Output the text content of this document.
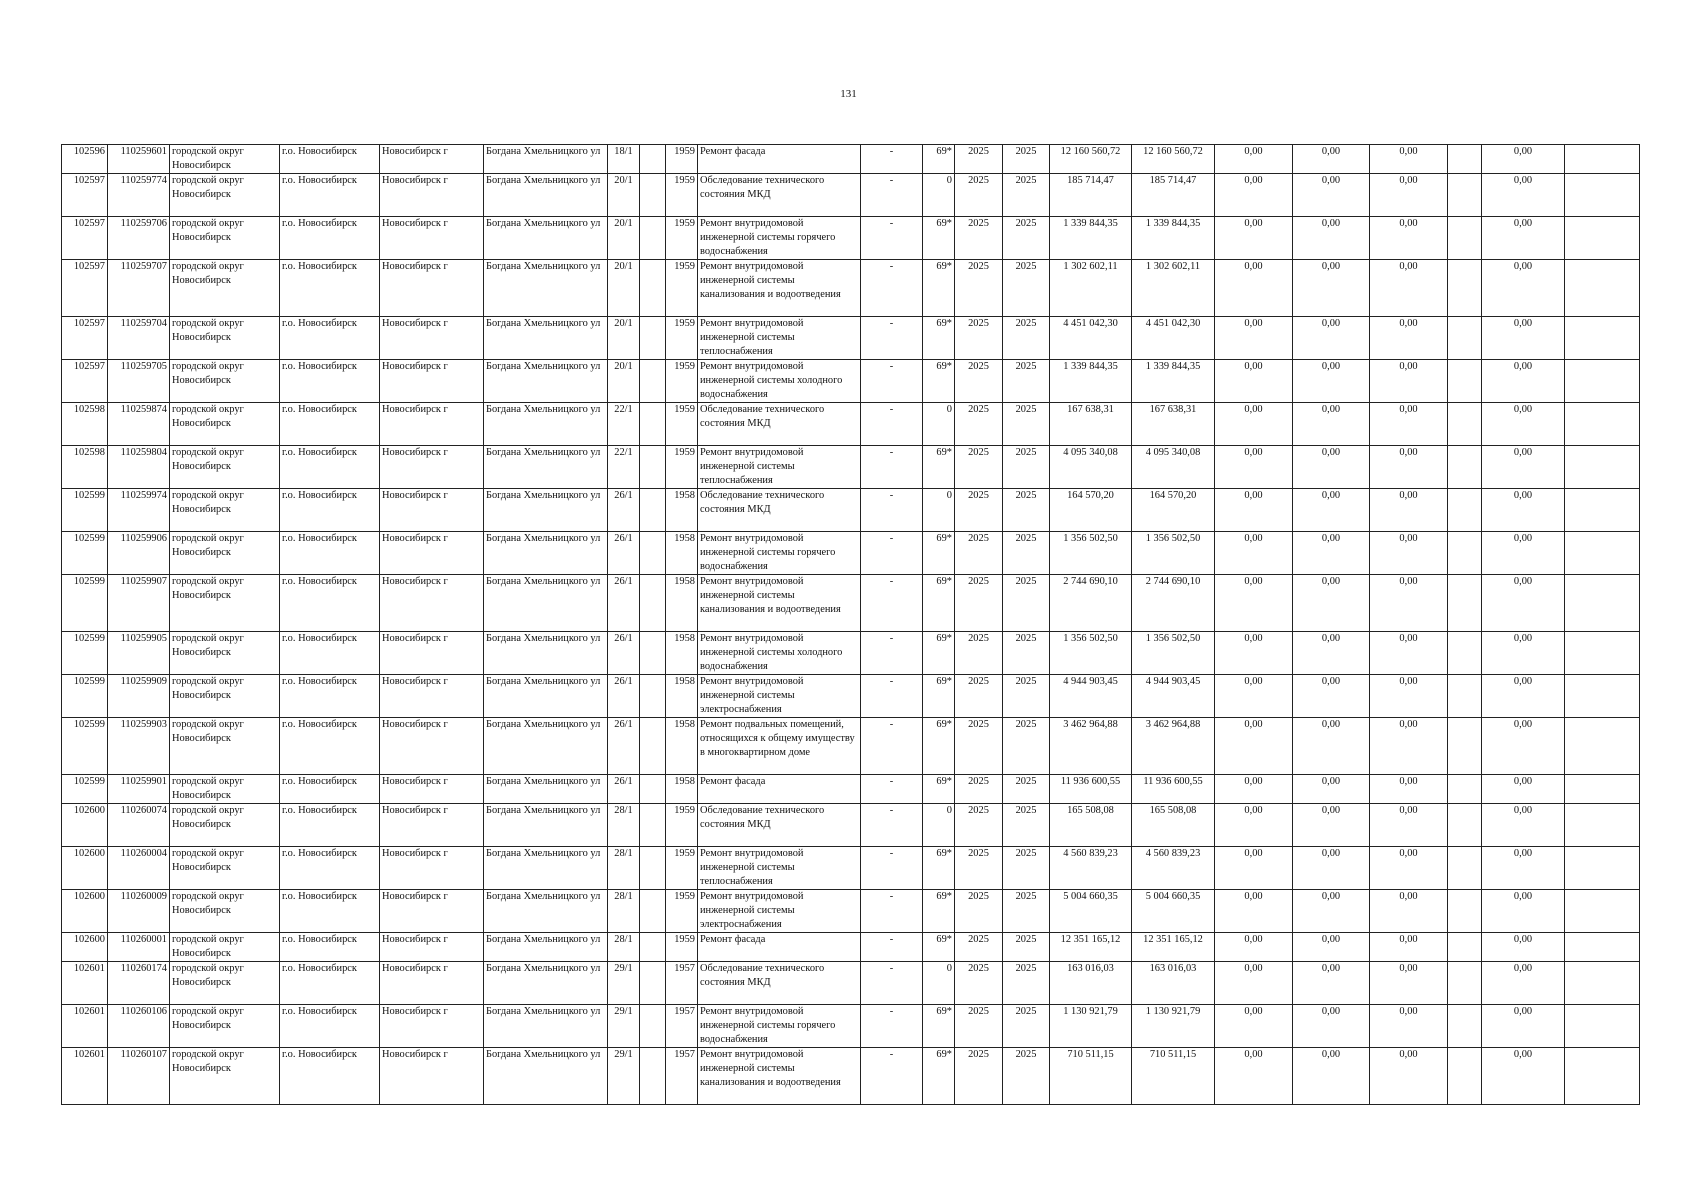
131
102596	110259601	городской округ Новосибирск	г.о. Новосибирск	Новосибирск г	Богдана Хмельницкого ул	18/1		1959	Ремонт фасада	-	69*	2025	2025	12 160 560,72	12 160 560,72	0,00	0,00	0,00		0,00	
102597	110259774	городской округ Новосибирск	г.о. Новосибирск	Новосибирск г	Богдана Хмельницкого ул	20/1		1959	Обследование технического состояния МКД	-	0	2025	2025	185 714,47	185 714,47	0,00	0,00	0,00		0,00	
102597	110259706	городской округ Новосибирск	г.о. Новосибирск	Новосибирск г	Богдана Хмельницкого ул	20/1		1959	Ремонт внутридомовой инженерной системы горячего водоснабжения	-	69*	2025	2025	1 339 844,35	1 339 844,35	0,00	0,00	0,00		0,00	
102597	110259707	городской округ Новосибирск	г.о. Новосибирск	Новосибирск г	Богдана Хмельницкого ул	20/1		1959	Ремонт внутридомовой инженерной системы канализования и водоотведения	-	69*	2025	2025	1 302 602,11	1 302 602,11	0,00	0,00	0,00		0,00	
102597	110259704	городской округ Новосибирск	г.о. Новосибирск	Новосибирск г	Богдана Хмельницкого ул	20/1		1959	Ремонт внутридомовой инженерной системы теплоснабжения	-	69*	2025	2025	4 451 042,30	4 451 042,30	0,00	0,00	0,00		0,00	
102597	110259705	городской округ Новосибирск	г.о. Новосибирск	Новосибирск г	Богдана Хмельницкого ул	20/1		1959	Ремонт внутридомовой инженерной системы холодного водоснабжения	-	69*	2025	2025	1 339 844,35	1 339 844,35	0,00	0,00	0,00		0,00	
102598	110259874	городской округ Новосибирск	г.о. Новосибирск	Новосибирск г	Богдана Хмельницкого ул	22/1		1959	Обследование технического состояния МКД	-	0	2025	2025	167 638,31	167 638,31	0,00	0,00	0,00		0,00	
102598	110259804	городской округ Новосибирск	г.о. Новосибирск	Новосибирск г	Богдана Хмельницкого ул	22/1		1959	Ремонт внутридомовой инженерной системы теплоснабжения	-	69*	2025	2025	4 095 340,08	4 095 340,08	0,00	0,00	0,00		0,00	
102599	110259974	городской округ Новосибирск	г.о. Новосибирск	Новосибирск г	Богдана Хмельницкого ул	26/1		1958	Обследование технического состояния МКД	-	0	2025	2025	164 570,20	164 570,20	0,00	0,00	0,00		0,00	
102599	110259906	городской округ Новосибирск	г.о. Новосибирск	Новосибирск г	Богдана Хмельницкого ул	26/1		1958	Ремонт внутридомовой инженерной системы горячего водоснабжения	-	69*	2025	2025	1 356 502,50	1 356 502,50	0,00	0,00	0,00		0,00	
102599	110259907	городской округ Новосибирск	г.о. Новосибирск	Новосибирск г	Богдана Хмельницкого ул	26/1		1958	Ремонт внутридомовой инженерной системы канализования и водоотведения	-	69*	2025	2025	2 744 690,10	2 744 690,10	0,00	0,00	0,00		0,00	
102599	110259905	городской округ Новосибирск	г.о. Новосибирск	Новосибирск г	Богдана Хмельницкого ул	26/1		1958	Ремонт внутридомовой инженерной системы холодного водоснабжения	-	69*	2025	2025	1 356 502,50	1 356 502,50	0,00	0,00	0,00		0,00	
102599	110259909	городской округ Новосибирск	г.о. Новосибирск	Новосибирск г	Богдана Хмельницкого ул	26/1		1958	Ремонт внутридомовой инженерной системы электроснабжения	-	69*	2025	2025	4 944 903,45	4 944 903,45	0,00	0,00	0,00		0,00	
102599	110259903	городской округ Новосибирск	г.о. Новосибирск	Новосибирск г	Богдана Хмельницкого ул	26/1		1958	Ремонт подвальных помещений, относящихся к общему имуществу в многоквартирном доме	-	69*	2025	2025	3 462 964,88	3 462 964,88	0,00	0,00	0,00		0,00	
102599	110259901	городской округ Новосибирск	г.о. Новосибирск	Новосибирск г	Богдана Хмельницкого ул	26/1		1958	Ремонт фасада	-	69*	2025	2025	11 936 600,55	11 936 600,55	0,00	0,00	0,00		0,00	
102600	110260074	городской округ Новосибирск	г.о. Новосибирск	Новосибирск г	Богдана Хмельницкого ул	28/1		1959	Обследование технического состояния МКД	-	0	2025	2025	165 508,08	165 508,08	0,00	0,00	0,00		0,00	
102600	110260004	городской округ Новосибирск	г.о. Новосибирск	Новосибирск г	Богдана Хмельницкого ул	28/1		1959	Ремонт внутридомовой инженерной системы теплоснабжения	-	69*	2025	2025	4 560 839,23	4 560 839,23	0,00	0,00	0,00		0,00	
102600	110260009	городской округ Новосибирск	г.о. Новосибирск	Новосибирск г	Богдана Хмельницкого ул	28/1		1959	Ремонт внутридомовой инженерной системы электроснабжения	-	69*	2025	2025	5 004 660,35	5 004 660,35	0,00	0,00	0,00		0,00	
102600	110260001	городской округ Новосибирск	г.о. Новосибирск	Новосибирск г	Богдана Хмельницкого ул	28/1		1959	Ремонт фасада	-	69*	2025	2025	12 351 165,12	12 351 165,12	0,00	0,00	0,00		0,00	
102601	110260174	городской округ Новосибирск	г.о. Новосибирск	Новосибирск г	Богдана Хмельницкого ул	29/1		1957	Обследование технического состояния МКД	-	0	2025	2025	163 016,03	163 016,03	0,00	0,00	0,00		0,00	
102601	110260106	городской округ Новосибирск	г.о. Новосибирск	Новосибирск г	Богдана Хмельницкого ул	29/1		1957	Ремонт внутридомовой инженерной системы горячего водоснабжения	-	69*	2025	2025	1 130 921,79	1 130 921,79	0,00	0,00	0,00		0,00	
102601	110260107	городской округ Новосибирск	г.о. Новосибирск	Новосибирск г	Богдана Хмельницкого ул	29/1		1957	Ремонт внутридомовой инженерной системы канализования и водоотведения	-	69*	2025	2025	710 511,15	710 511,15	0,00	0,00	0,00		0,00	
